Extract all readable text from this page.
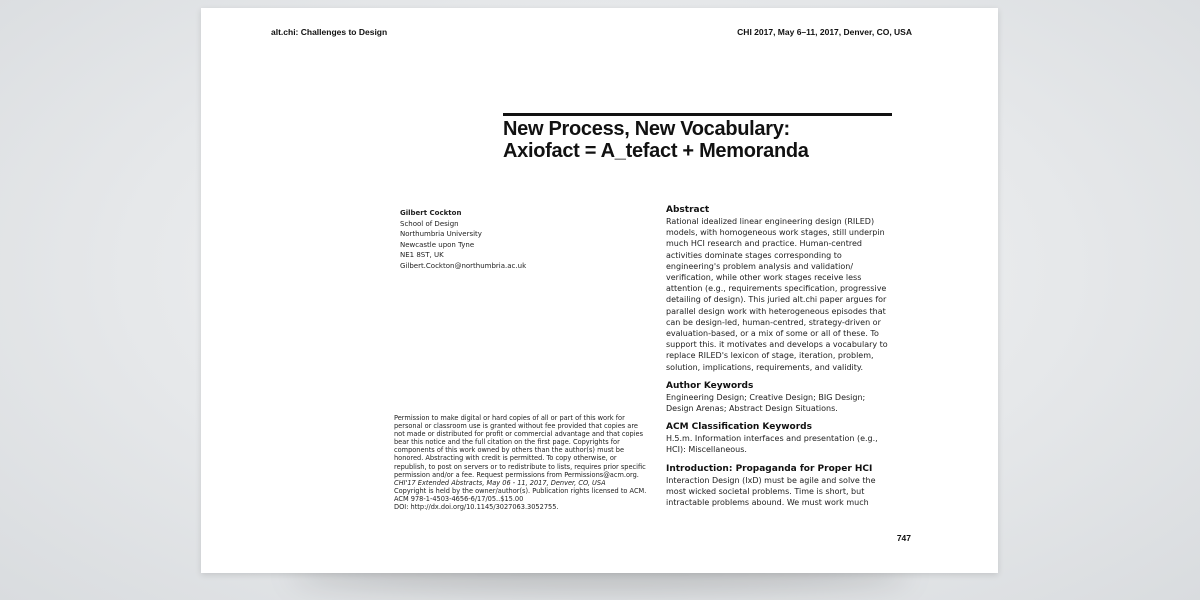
alt.chi: Challenges to Design	CHI 2017, May 6–11, 2017, Denver, CO, USA
New Process, New Vocabulary:
Axiofact = A_tefact + Memoranda
Gilbert Cockton
School of Design
Northumbria University
Newcastle upon Tyne
NE1 8ST, UK
Gilbert.Cockton@northumbria.ac.uk
Permission to make digital or hard copies of all or part of this work for
personal or classroom use is granted without fee provided that copies are
not made or distributed for profit or commercial advantage and that copies
bear this notice and the full citation on the first page. Copyrights for
components of this work owned by others than the author(s) must be
honored. Abstracting with credit is permitted. To copy otherwise, or
republish, to post on servers or to redistribute to lists, requires prior specific
permission and/or a fee. Request permissions from Permissions@acm.org.
CHI'17 Extended Abstracts, May 06 - 11, 2017, Denver, CO, USA
Copyright is held by the owner/author(s). Publication rights licensed to ACM.
ACM 978-1-4503-4656-6/17/05..$15.00
DOI: http://dx.doi.org/10.1145/3027063.3052755.
Abstract
Rational idealized linear engineering design (RILED)
models, with homogeneous work stages, still underpin
much HCI research and practice. Human-centred
activities dominate stages corresponding to
engineering's problem analysis and validation/
verification, while other work stages receive less
attention (e.g., requirements specification, progressive
detailing of design). This juried alt.chi paper argues for
parallel design work with heterogeneous episodes that
can be design-led, human-centred, strategy-driven or
evaluation-based, or a mix of some or all of these. To
support this. it motivates and develops a vocabulary to
replace RILED's lexicon of stage, iteration, problem,
solution, implications, requirements, and validity.
Author Keywords
Engineering Design; Creative Design; BIG Design;
Design Arenas; Abstract Design Situations.
ACM Classification Keywords
H.5.m. Information interfaces and presentation (e.g.,
HCI): Miscellaneous.
Introduction: Propaganda for Proper HCI
Interaction Design (IxD) must be agile and solve the
most wicked societal problems. Time is short, but
intractable problems abound. We must work much
747
